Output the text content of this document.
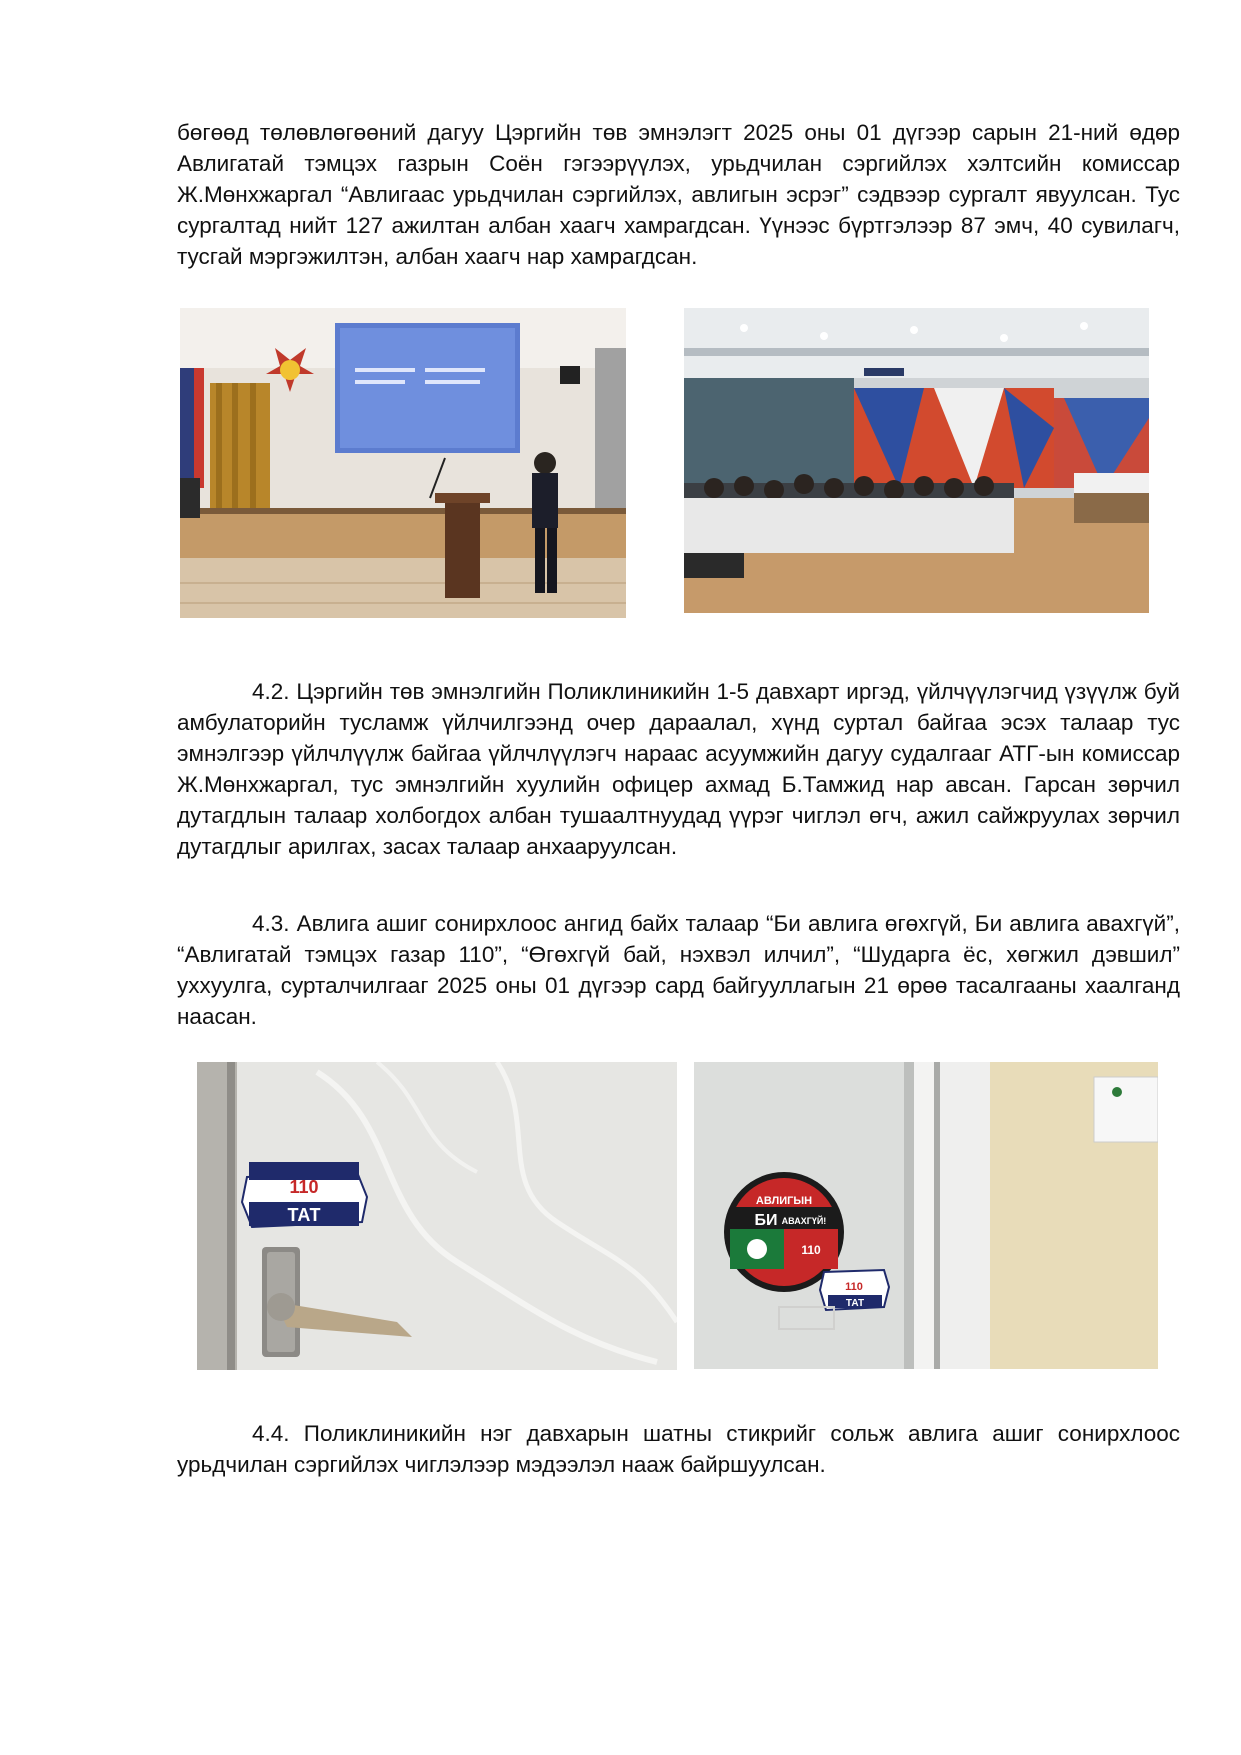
бөгөөд төлөвлөгөөний дагуу Цэргийн төв эмнэлэгт 2025 оны 01 дүгээр сарын 21-ний өдөр Авлигатай тэмцэх газрын Соён гэгээрүүлэх, урьдчилан сэргийлэх хэлтсийн комиссар Ж.Мөнхжаргал “Авлигаас урьдчилан сэргийлэх, авлигын эсрэг” сэдвээр сургалт явуулсан. Тус сургалтад нийт 127 ажилтан албан хаагч хамрагдсан. Үүнээс бүртгэлээр 87 эмч, 40 сувилагч, тусгай мэргэжилтэн, албан хаагч нар хамрагдсан.

4.2. Цэргийн төв эмнэлгийн Поликлиникийн 1-5 давхарт иргэд, үйлчүүлэгчид үзүүлж буй амбулаторийн тусламж үйлчилгээнд очер дараалал, хүнд суртал байгаа эсэх талаар тус эмнэлгээр үйлчлүүлж байгаа үйлчлүүлэгч нараас асуумжийн дагуу судалгааг АТГ-ын комиссар Ж.Мөнхжаргал, тус эмнэлгийн хуулийн офицер ахмад Б.Тамжид нар авсан. Гарсан зөрчил дутагдлын талаар холбогдох албан тушаалтнуудад үүрэг чиглэл өгч, ажил сайжруулах зөрчил дутагдлыг арилгах, засах талаар анхааруулсан.

4.3. Авлига ашиг сонирхлоос ангид байх талаар “Би авлига өгөхгүй, Би авлига авахгүй”, “Авлигатай тэмцэх газар 110”, “Өгөхгүй бай, нэхвэл илчил”, “Шударга ёс, хөгжил дэвшил” уххуулга, сурталчилгааг 2025 оны 01 дүгээр сард байгууллагын 21 өрөө тасалгааны хаалганд наасан.

110
ТАТ
АВЛИГЫН
БИ АВАХГҮЙ!
110
110
ТАТ

4.4. Поликлиникийн нэг давхарын шатны стикрийг сольж авлига ашиг сонирхлоос урьдчилан сэргийлэх чиглэлээр мэдээлэл нааж байршуулсан.
